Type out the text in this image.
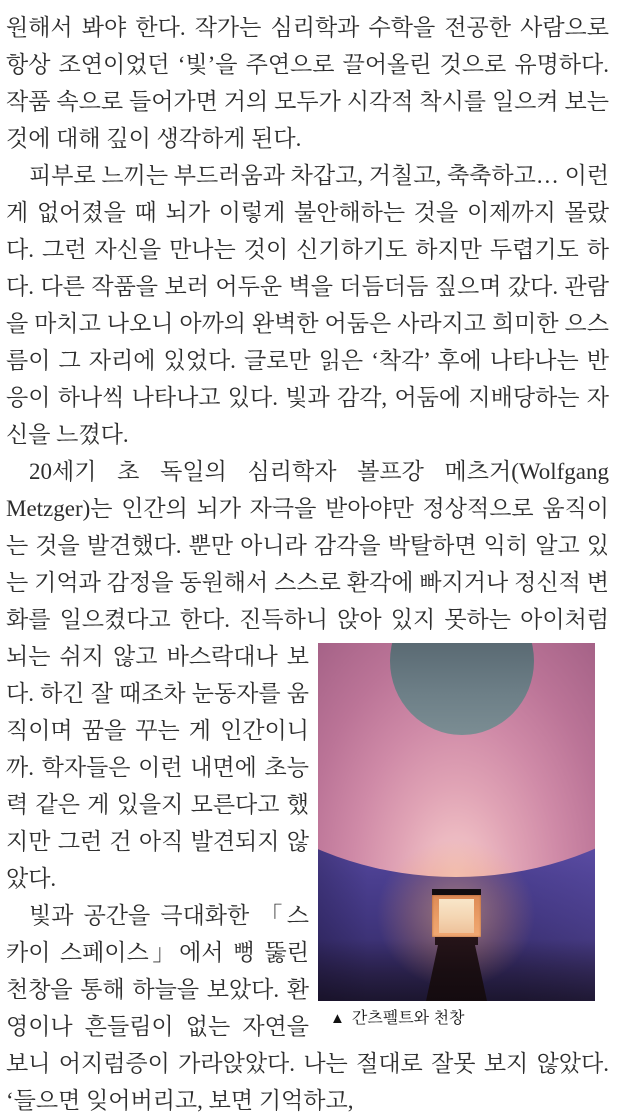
원해서 봐야 한다. 작가는 심리학과 수학을 전공한 사람으로 항상 조연이었던 ‘빛’을 주연으로 끌어올린 것으로 유명하다. 작품 속으로 들어가면 거의 모두가 시각적 착시를 일으켜 보는 것에 대해 깊이 생각하게 된다.
피부로 느끼는 부드러움과 차갑고, 거칠고, 축축하고… 이런 게 없어졌을 때 뇌가 이렇게 불안해하는 것을 이제까지 몰랐다. 그런 자신을 만나는 것이 신기하기도 하지만 두렵기도 하다. 다른 작품을 보러 어두운 벽을 더듬더듬 짚으며 갔다. 관람을 마치고 나오니 아까의 완벽한 어둠은 사라지고 희미한 으스름이 그 자리에 있었다. 글로만 읽은 ‘착각’ 후에 나타나는 반응이 하나씩 나타나고 있다. 빛과 감각, 어둠에 지배당하는 자신을 느꼈다.
20세기 초 독일의 심리학자 볼프강 메츠거(Wolfgang Metzger)는 인간의 뇌가 자극을 받아야만 정상적으로 움직이는 것을 발견했다. 뿐만 아니라 감각을 박탈하면 익히 알고 있는 기억과 감정을 동원해서 스스로 환각에 빠지거나 정신적 변화를 일으켰다고 한다. 진득하니 앉아 있지 못하는 아이
▲ 간츠펠트와 천창
처럼 뇌는 쉬지 않고 바스락대나 보다. 하긴 잘 때조차 눈동자를 움직이며 꿈을 꾸는 게 인간이니까. 학자들은 이런 내면에 초능력 같은 게 있을지 모른다고 했지만 그런 건 아직 발견되지 않았다.
빛과 공간을 극대화한 「스카이 스페이스」에서 뻥 뚫린 천창을 통해 하늘을 보았다. 환영이나 흔들림이 없는 자연을 보니 어지럼증이 가라앉았다. 나는 절대로 잘못 보지 않았다. ‘들으면 잊어버리고, 보면 기억하고,
